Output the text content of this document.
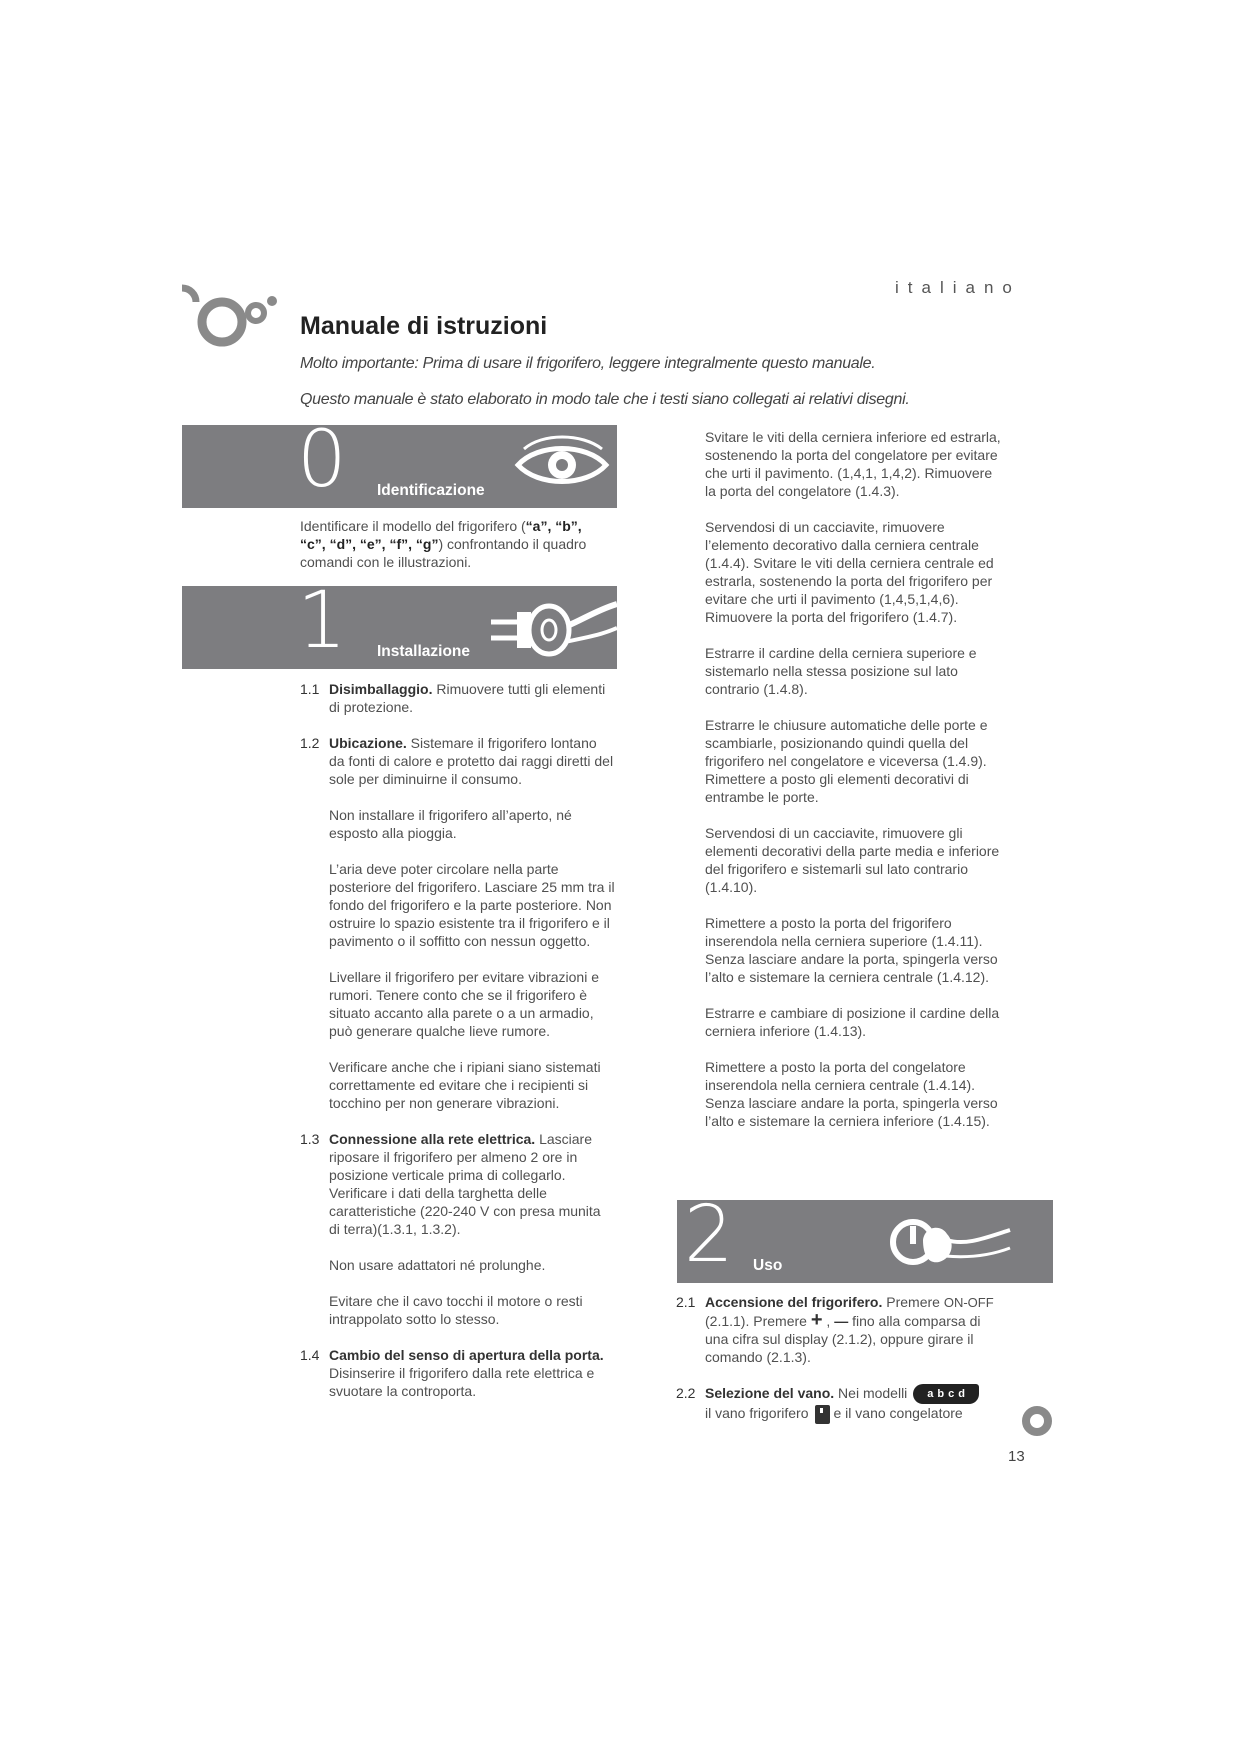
italiano
Manuale di istruzioni
Molto importante: Prima di usare il frigorifero, leggere integralmente questo manuale.
Questo manuale è stato elaborato in modo tale che i testi siano collegati ai relativi disegni.
0 Identificazione

Identificare il modello del frigorifero (“a”, “b”, “c”, “d”, “e”, “f”, “g”) confrontando il quadro comandi con le illustrazioni.

1 Installazione
1.1 Disimballaggio. Rimuovere tutti gli elementi di protezione.
1.2 Ubicazione. Sistemare il frigorifero lontano da fonti di calore e protetto dai raggi diretti del sole per diminuirne il consumo.
Non installare il frigorifero all’aperto, né esposto alla pioggia.
L’aria deve poter circolare nella parte posteriore del frigorifero. Lasciare 25 mm tra il fondo del frigorifero e la parte posteriore. Non ostruire lo spazio esistente tra il frigorifero e il pavimento o il soffitto con nessun oggetto.
Livellare il frigorifero per evitare vibrazioni e rumori. Tenere conto che se il frigorifero è situato accanto alla parete o a un armadio, può generare qualche lieve rumore.
Verificare anche che i ripiani siano sistemati correttamente ed evitare che i recipienti si tocchino per non generare vibrazioni.
1.3 Connessione alla rete elettrica. Lasciare riposare il frigorifero per almeno 2 ore in posizione verticale prima di collegarlo. Verificare i dati della targhetta delle caratteristiche (220-240 V con presa munita di terra)(1.3.1, 1.3.2).
Non usare adattatori né prolunghe.
Evitare che il cavo tocchi il motore o resti intrappolato sotto lo stesso.
1.4 Cambio del senso di apertura della porta. Disinserire il frigorifero dalla rete elettrica e svuotare la controporta.

Svitare le viti della cerniera inferiore ed estrarla, sostenendo la porta del congelatore per evitare che urti il pavimento. (1,4,1, 1,4,2). Rimuovere la porta del congelatore (1.4.3).

Servendosi di un cacciavite, rimuovere l’elemento decorativo dalla cerniera centrale (1.4.4). Svitare le viti della cerniera centrale ed estrarla, sostenendo la porta del frigorifero per evitare che urti il pavimento (1,4,5,1,4,6). Rimuovere la porta del frigorifero (1.4.7).

Estrarre il cardine della cerniera superiore e sistemarlo nella stessa posizione sul lato contrario (1.4.8).

Estrarre le chiusure automatiche delle porte e scambiarle, posizionando quindi quella del frigorifero nel congelatore e viceversa (1.4.9). Rimettere a posto gli elementi decorativi di entrambe le porte.

Servendosi di un cacciavite, rimuovere gli elementi decorativi della parte media e inferiore del frigorifero e sistemarli sul lato contrario (1.4.10).

Rimettere a posto la porta del frigorifero inserendola nella cerniera superiore (1.4.11). Senza lasciare andare la porta, spingerla verso l’alto e sistemare la cerniera centrale (1.4.12).

Estrarre e cambiare di posizione il cardine della cerniera inferiore (1.4.13).

Rimettere a posto la porta del congelatore inserendola nella cerniera centrale (1.4.14). Senza lasciare andare la porta, spingerla verso l’alto e sistemare la cerniera inferiore (1.4.15).

2 Uso
2.1 Accensione del frigorifero. Premere ON-OFF (2.1.1). Premere + , — fino alla comparsa di una cifra sul display (2.1.2), oppure girare il comando (2.1.3).
2.2 Selezione del vano. Nei modelli abcd
il vano frigorifero e il vano congelatore
13
